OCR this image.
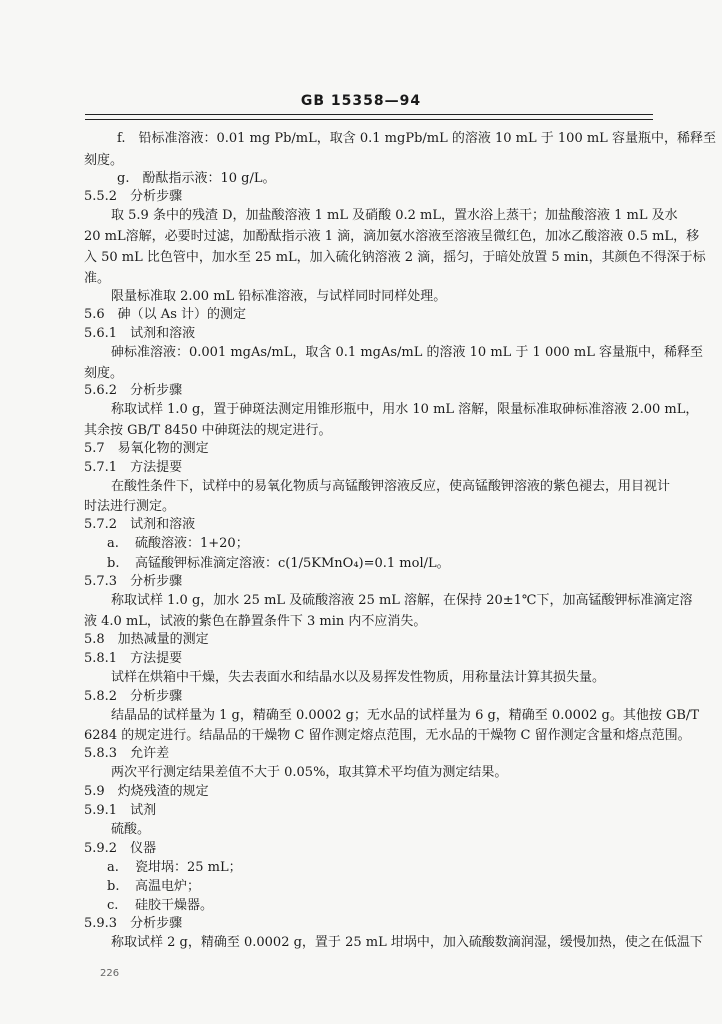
GB 15358—94
f.　铅标准溶液：0.01 mg Pb/mL，取含 0.1 mgPb/mL 的溶液 10 mL 于 100 mL 容量瓶中，稀释至
刻度。
g.　酚酞指示液：10 g/L。
5.5.2　分析步骤
取 5.9 条中的残渣 D，加盐酸溶液 1 mL 及硝酸 0.2 mL，置水浴上蒸干；加盐酸溶液 1 mL 及水
20 mL溶解，必要时过滤，加酚酞指示液 1 滴，滴加氨水溶液至溶液呈微红色，加冰乙酸溶液 0.5 mL，移
入 50 mL 比色管中，加水至 25 mL，加入硫化钠溶液 2 滴，摇匀，于暗处放置 5 min，其颜色不得深于标
准。
限量标准取 2.00 mL 铅标准溶液，与试样同时同样处理。
5.6　砷（以 As 计）的测定
5.6.1　试剂和溶液
砷标准溶液：0.001 mgAs/mL，取含 0.1 mgAs/mL 的溶液 10 mL 于 1 000 mL 容量瓶中，稀释至
刻度。
5.6.2　分析步骤
称取试样 1.0 g，置于砷斑法测定用锥形瓶中，用水 10 mL 溶解，限量标准取砷标准溶液 2.00 mL，
其余按 GB/T 8450 中砷斑法的规定进行。
5.7　易氧化物的测定
5.7.1　方法提要
在酸性条件下，试样中的易氧化物质与高锰酸钾溶液反应，使高锰酸钾溶液的紫色褪去，用目视计
时法进行测定。
5.7.2　试剂和溶液
a. 硫酸溶液：1+20；
b. 高锰酸钾标准滴定溶液：c(1/5KMnO₄)=0.1 mol/L。
5.7.3　分析步骤
称取试样 1.0 g，加水 25 mL 及硫酸溶液 25 mL 溶解，在保持 20±1℃下，加高锰酸钾标准滴定溶
液 4.0 mL，试液的紫色在静置条件下 3 min 内不应消失。
5.8　加热减量的测定
5.8.1　方法提要
试样在烘箱中干燥，失去表面水和结晶水以及易挥发性物质，用称量法计算其损失量。
5.8.2　分析步骤
结晶品的试样量为 1 g，精确至 0.0002 g；无水品的试样量为 6 g，精确至 0.0002 g。其他按 GB/T
6284 的规定进行。结晶品的干燥物 C 留作测定熔点范围，无水品的干燥物 C 留作测定含量和熔点范围。
5.8.3　允许差
两次平行测定结果差值不大于 0.05%，取其算术平均值为测定结果。
5.9　灼烧残渣的规定
5.9.1　试剂
硫酸。
5.9.2　仪器
a. 瓷坩埚：25 mL；
b. 高温电炉；
c. 硅胶干燥器。
5.9.3　分析步骤
称取试样 2 g，精确至 0.0002 g，置于 25 mL 坩埚中，加入硫酸数滴润湿，缓慢加热，使之在低温下
226
